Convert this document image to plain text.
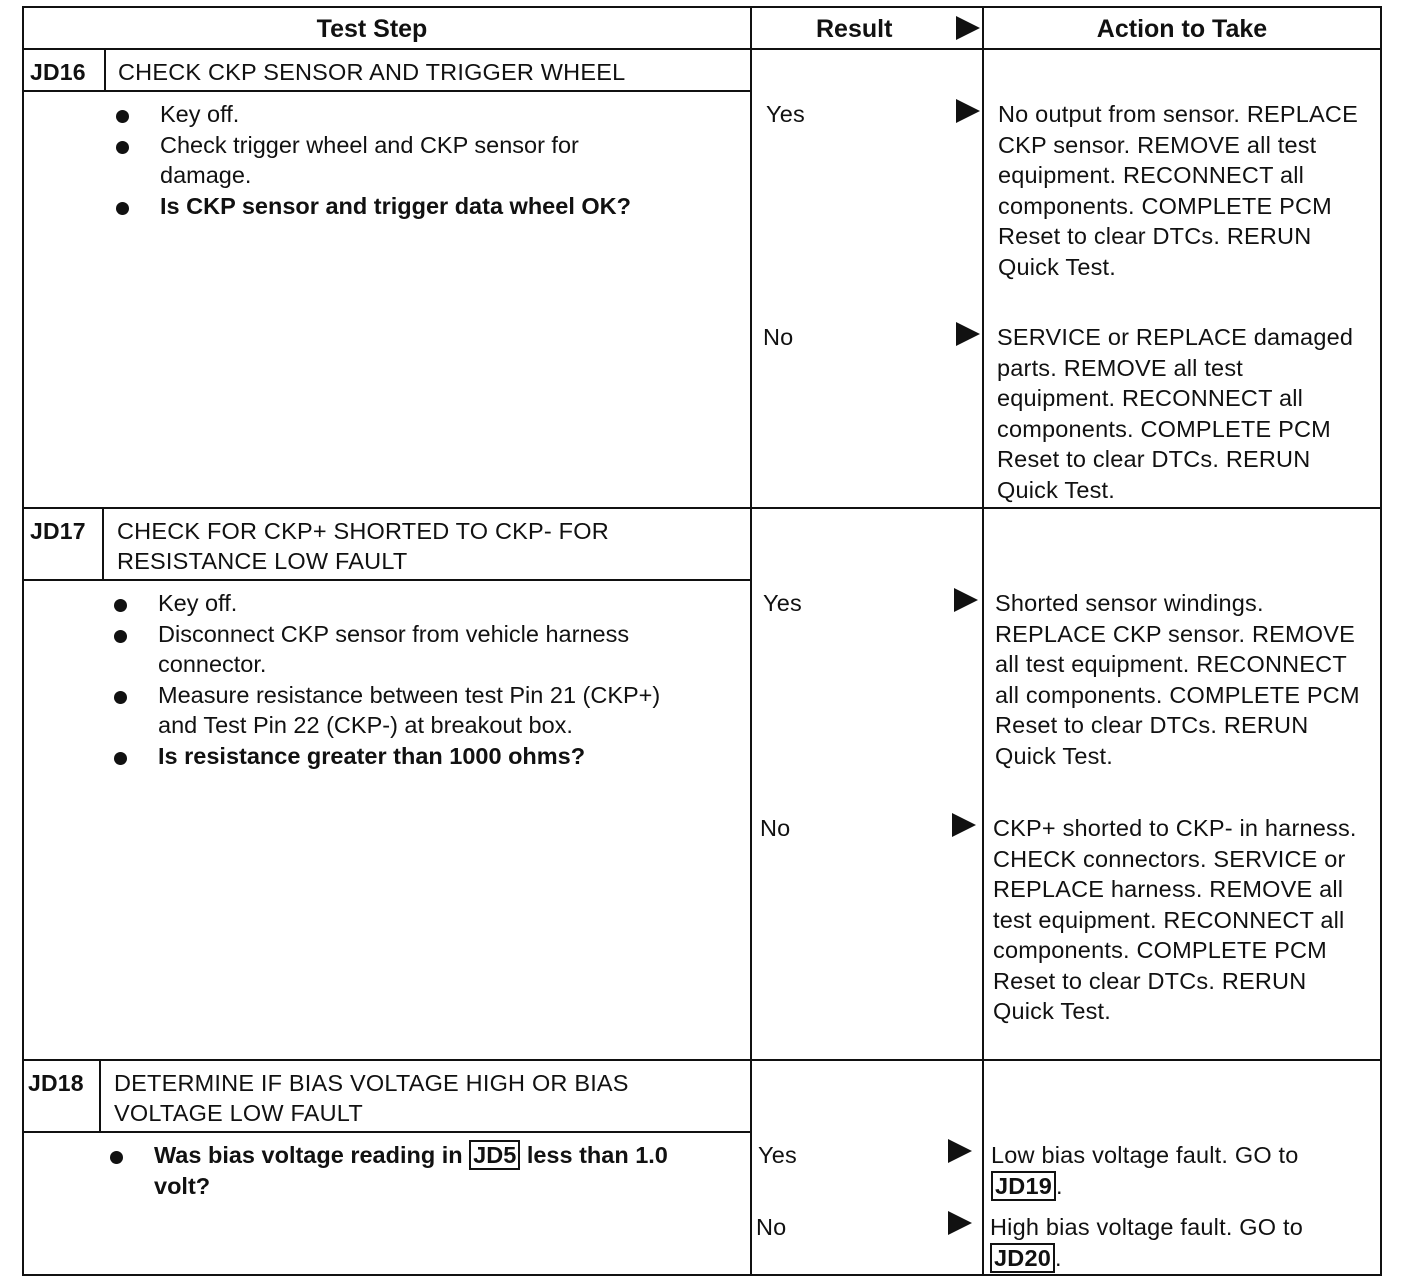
Test Step	Result	Action to Take
JD16 CHECK CKP SENSOR AND TRIGGER WHEEL
Key off.
Check trigger wheel and CKP sensor for damage.
Is CKP sensor and trigger data wheel OK?
Yes	No output from sensor. REPLACE CKP sensor. REMOVE all test equipment. RECONNECT all components. COMPLETE PCM Reset to clear DTCs. RERUN Quick Test.
No	SERVICE or REPLACE damaged parts. REMOVE all test equipment. RECONNECT all components. COMPLETE PCM Reset to clear DTCs. RERUN Quick Test.
JD17 CHECK FOR CKP+ SHORTED TO CKP- FOR RESISTANCE LOW FAULT
Key off.
Disconnect CKP sensor from vehicle harness connector.
Measure resistance between test Pin 21 (CKP+) and Test Pin 22 (CKP-) at breakout box.
Is resistance greater than 1000 ohms?
Yes	Shorted sensor windings. REPLACE CKP sensor. REMOVE all test equipment. RECONNECT all components. COMPLETE PCM Reset to clear DTCs. RERUN Quick Test.
No	CKP+ shorted to CKP- in harness. CHECK connectors. SERVICE or REPLACE harness. REMOVE all test equipment. RECONNECT all components. COMPLETE PCM Reset to clear DTCs. RERUN Quick Test.
JD18 DETERMINE IF BIAS VOLTAGE HIGH OR BIAS VOLTAGE LOW FAULT
Was bias voltage reading in JD5 less than 1.0 volt?
Yes	Low bias voltage fault. GO to
JD19 .
No	High bias voltage fault. GO to
JD20 .
